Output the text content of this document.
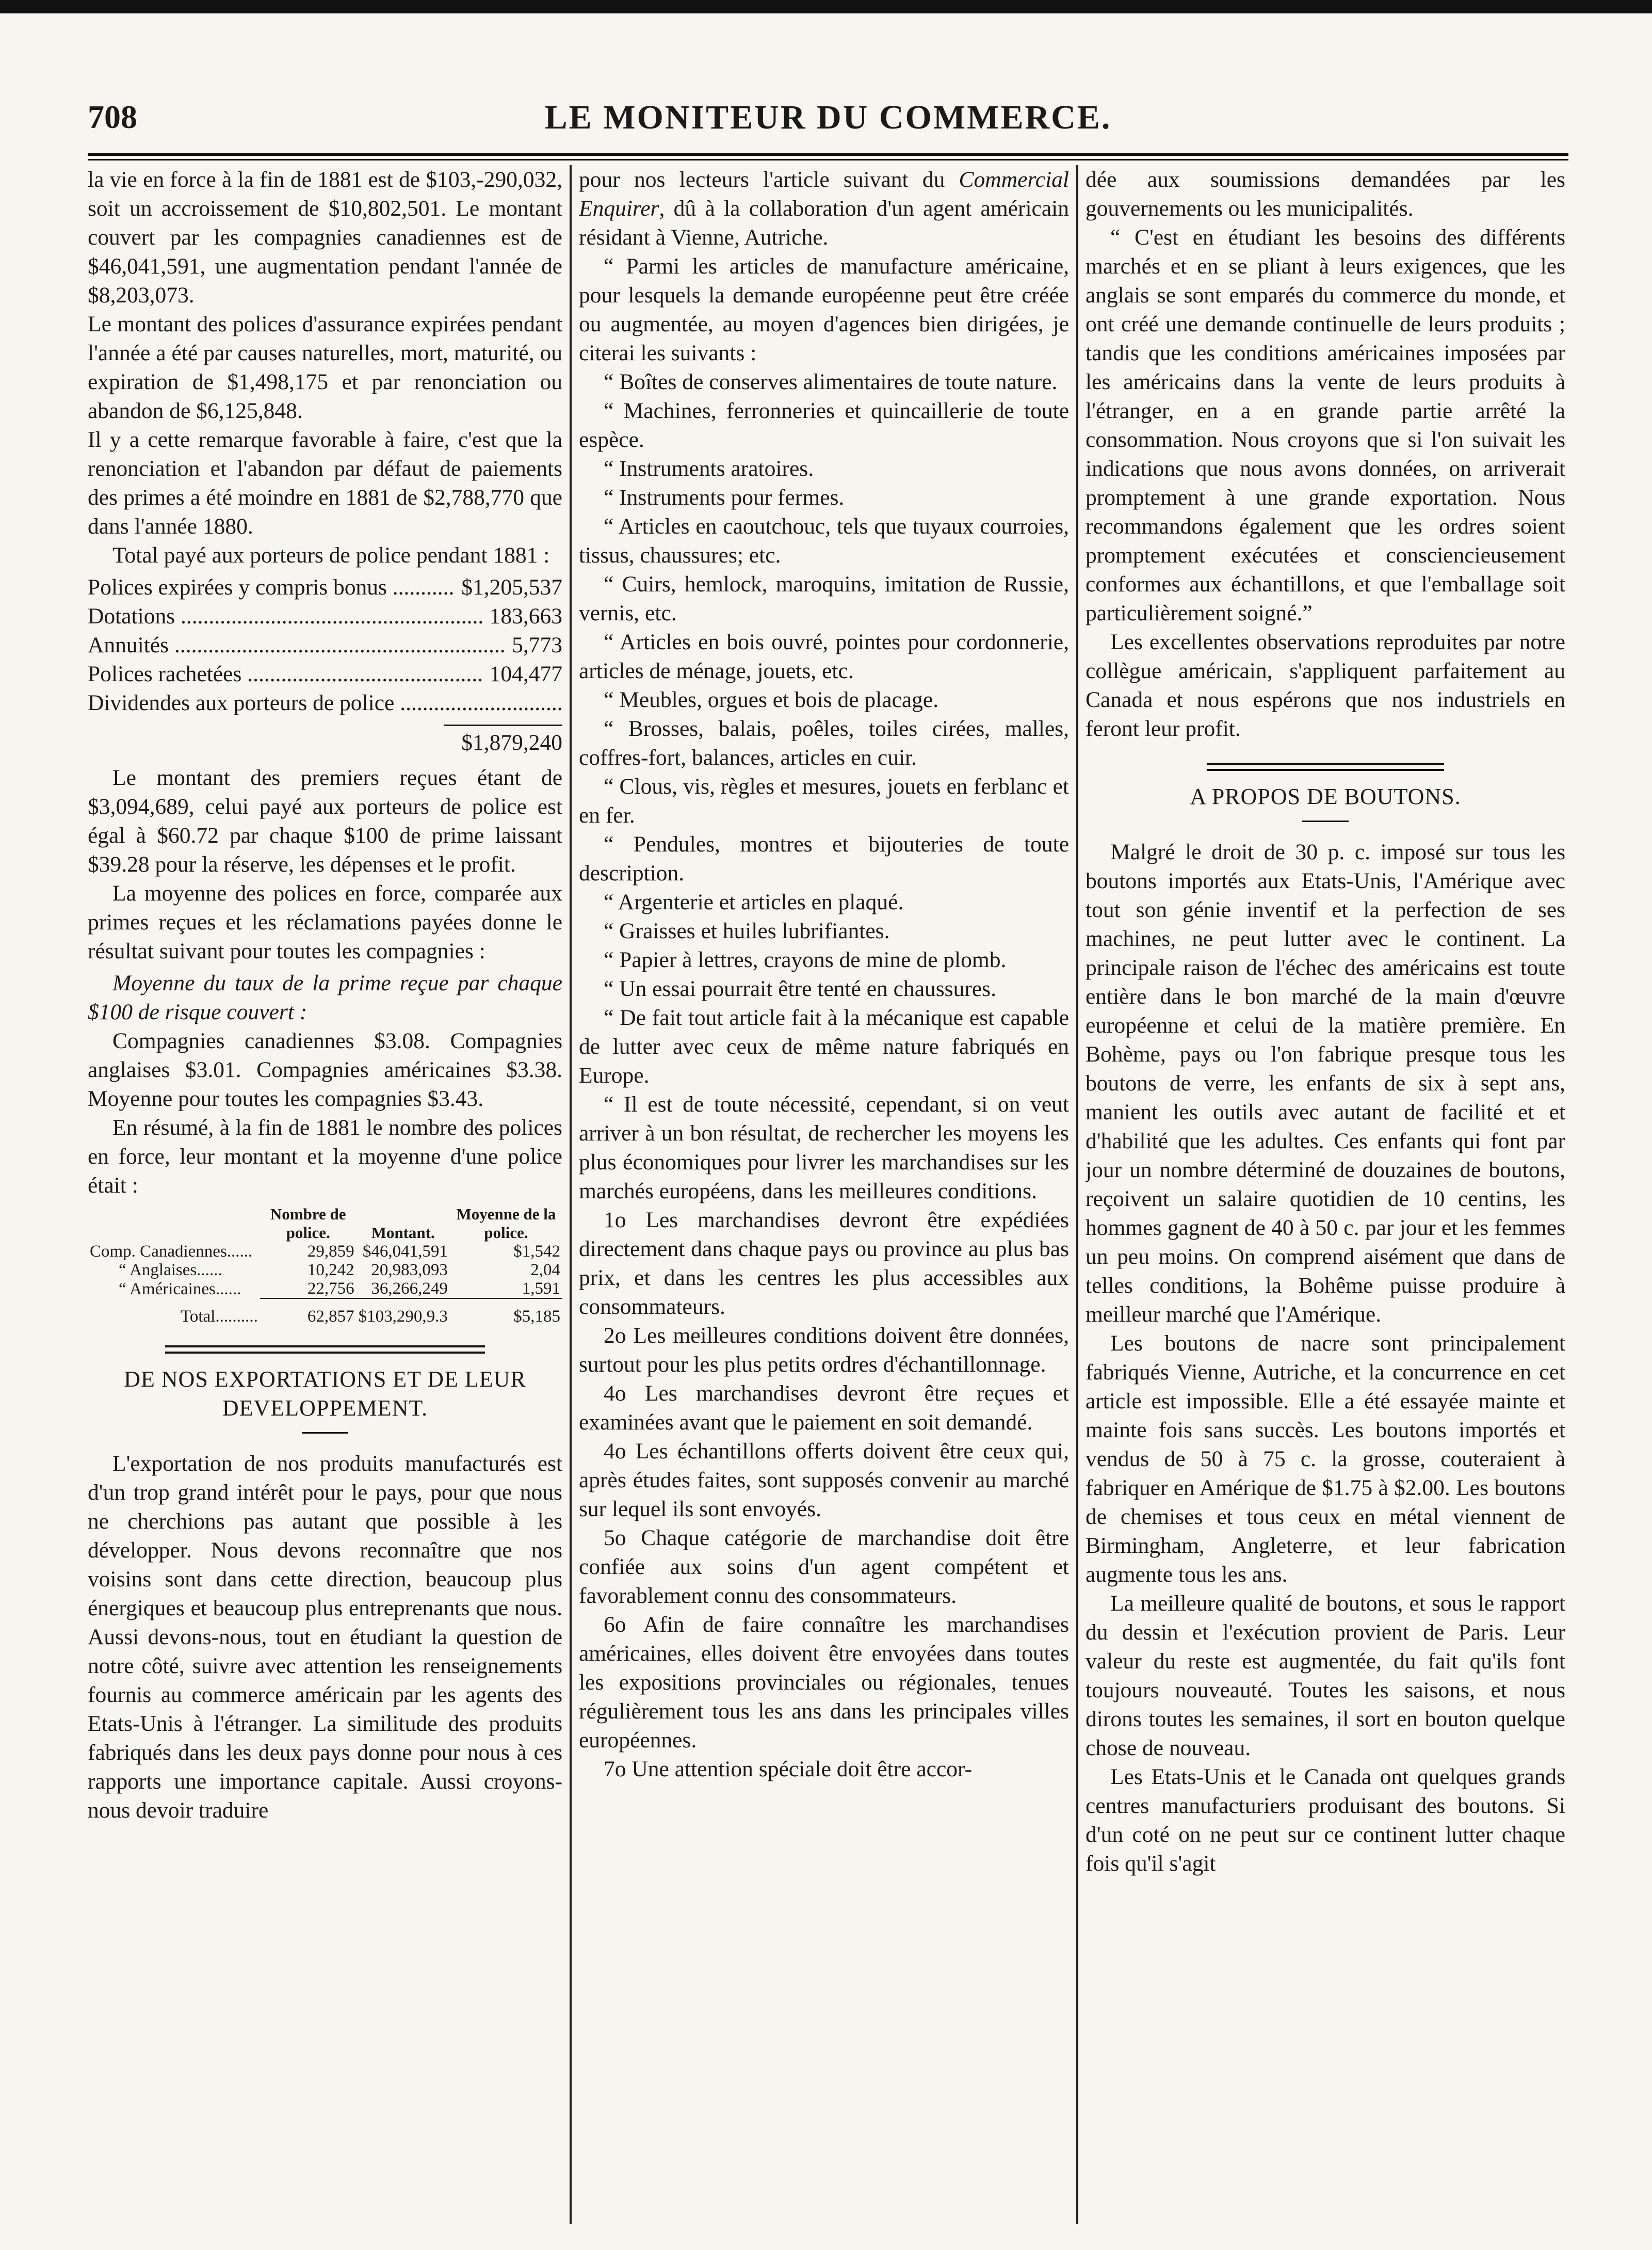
708	LE MONITEUR DU COMMERCE.

la vie en force à la fin de 1881 est de $103,-290,032, soit un accroissement de $10,802,501. Le montant couvert par les compagnies canadiennes est de $46,041,591, une augmentation pendant l'année de $8,203,073.

Le montant des polices d'assurance expirées pendant l'année a été par causes naturelles, mort, maturité, ou expiration de $1,498,175 et par renonciation ou abandon de $6,125,848.

Il y a cette remarque favorable à faire, c'est que la renonciation et l'abandon par défaut de paiements des primes a été moindre en 1881 de $2,788,770 que dans l'année 1880.

Total payé aux porteurs de police pendant 1881 :

Polices expirées y compris bonus .....	$1,205,537
Dotations .....	183,663
Annuités .....	5,773
Polices rachetées .....	104,477
Dividendes aux porteurs de police .....
$1,879,240

Le montant des premiers reçues étant de $3,094,689, celui payé aux porteurs de police est égal à $60.72 par chaque $100 de prime laissant $39.28 pour la réserve, les dépenses et le profit.

La moyenne des polices en force, comparée aux primes reçues et les réclamations payées donne le résultat suivant pour toutes les compagnies :

Moyenne du taux de la prime reçue par chaque $100 de risque couvert :

Compagnies canadiennes $3.08. Compagnies anglaises $3.01. Compagnies américaines $3.38. Moyenne pour toutes les compagnies $3.43.

En résumé, à la fin de 1881 le nombre des polices en force, leur montant et la moyenne d'une police était :

	Nombre de police.	Montant.	Moyenne de la police.
Comp. Canadiennes......	29,859	$46,041,591	$1,542
“ Anglaises......	10,242	20,983,093	2,04
“ Américaines......	22,756	36,266,249	1,591
Total..........	62,857	$103,290,9.3	$5,185

DE NOS EXPORTATIONS ET DE LEUR DEVELOPPEMENT.

L'exportation de nos produits manufacturés est d'un trop grand intérêt pour le pays, pour que nous ne cherchions pas autant que possible à les développer. Nous devons reconnaître que nos voisins sont dans cette direction, beaucoup plus énergiques et beaucoup plus entreprenants que nous. Aussi devons-nous, tout en étudiant la question de notre côté, suivre avec attention les renseignements fournis au commerce américain par les agents des Etats-Unis à l'étranger. La similitude des produits fabriqués dans les deux pays donne pour nous à ces rapports une importance capitale. Aussi croyons-nous devoir traduire

pour nos lecteurs l'article suivant du Commercial Enquirer, dû à la collaboration d'un agent américain résidant à Vienne, Autriche.

“ Parmi les articles de manufacture américaine, pour lesquels la demande européenne peut être créée ou augmentée, au moyen d'agences bien dirigées, je citerai les suivants :

“ Boîtes de conserves alimentaires de toute nature.

“ Machines, ferronneries et quincaillerie de toute espèce.

“ Instruments aratoires.

“ Instruments pour fermes.

“ Articles en caoutchouc, tels que tuyaux courroies, tissus, chaussures; etc.

“ Cuirs, hemlock, maroquins, imitation de Russie, vernis, etc.

“ Articles en bois ouvré, pointes pour cordonnerie, articles de ménage, jouets, etc.

“ Meubles, orgues et bois de placage.

“ Brosses, balais, poêles, toiles cirées, malles, coffres-fort, balances, articles en cuir.

“ Clous, vis, règles et mesures, jouets en ferblanc et en fer.

“ Pendules, montres et bijouteries de toute description.

“ Argenterie et articles en plaqué.

“ Graisses et huiles lubrifiantes.

“ Papier à lettres, crayons de mine de plomb.

“ Un essai pourrait être tenté en chaussures.

“ De fait tout article fait à la mécanique est capable de lutter avec ceux de même nature fabriqués en Europe.

“ Il est de toute nécessité, cependant, si on veut arriver à un bon résultat, de rechercher les moyens les plus économiques pour livrer les marchandises sur les marchés européens, dans les meilleures conditions.

1o Les marchandises devront être expédiées directement dans chaque pays ou province au plus bas prix, et dans les centres les plus accessibles aux consommateurs.

2o Les meilleures conditions doivent être données, surtout pour les plus petits ordres d'échantillonnage.

4o Les marchandises devront être reçues et examinées avant que le paiement en soit demandé.

4o Les échantillons offerts doivent être ceux qui, après études faites, sont supposés convenir au marché sur lequel ils sont envoyés.

5o Chaque catégorie de marchandise doit être confiée aux soins d'un agent compétent et favorablement connu des consommateurs.

6o Afin de faire connaître les marchandises américaines, elles doivent être envoyées dans toutes les expositions provinciales ou régionales, tenues régulièrement tous les ans dans les principales villes européennes.

7o Une attention spéciale doit être accor-

dée aux soumissions demandées par les gouvernements ou les municipalités.

“ C'est en étudiant les besoins des différents marchés et en se pliant à leurs exigences, que les anglais se sont emparés du commerce du monde, et ont créé une demande continuelle de leurs produits ; tandis que les conditions américaines imposées par les américains dans la vente de leurs produits à l'étranger, en a en grande partie arrêté la consommation. Nous croyons que si l'on suivait les indications que nous avons données, on arriverait promptement à une grande exportation. Nous recommandons également que les ordres soient promptement exécutées et consciencieusement conformes aux échantillons, et que l'emballage soit particulièrement soigné.”

Les excellentes observations reproduites par notre collègue américain, s'appliquent parfaitement au Canada et nous espérons que nos industriels en feront leur profit.

A PROPOS DE BOUTONS.

Malgré le droit de 30 p. c. imposé sur tous les boutons importés aux Etats-Unis, l'Amérique avec tout son génie inventif et la perfection de ses machines, ne peut lutter avec le continent. La principale raison de l'échec des américains est toute entière dans le bon marché de la main d'œuvre européenne et celui de la matière première. En Bohème, pays ou l'on fabrique presque tous les boutons de verre, les enfants de six à sept ans, manient les outils avec autant de facilité et et d'habilité que les adultes. Ces enfants qui font par jour un nombre déterminé de douzaines de boutons, reçoivent un salaire quotidien de 10 centins, les hommes gagnent de 40 à 50 c. par jour et les femmes un peu moins. On comprend aisément que dans de telles conditions, la Bohême puisse produire à meilleur marché que l'Amérique.

Les boutons de nacre sont principalement fabriqués Vienne, Autriche, et la concurrence en cet article est impossible. Elle a été essayée mainte et mainte fois sans succès. Les boutons importés et vendus de 50 à 75 c. la grosse, couteraient à fabriquer en Amérique de $1.75 à $2.00. Les boutons de chemises et tous ceux en métal viennent de Birmingham, Angleterre, et leur fabrication augmente tous les ans.

La meilleure qualité de boutons, et sous le rapport du dessin et l'exécution provient de Paris. Leur valeur du reste est augmentée, du fait qu'ils font toujours nouveauté. Toutes les saisons, et nous dirons toutes les semaines, il sort en bouton quelque chose de nouveau.

Les Etats-Unis et le Canada ont quelques grands centres manufacturiers produisant des boutons. Si d'un coté on ne peut sur ce continent lutter chaque fois qu'il s'agit
